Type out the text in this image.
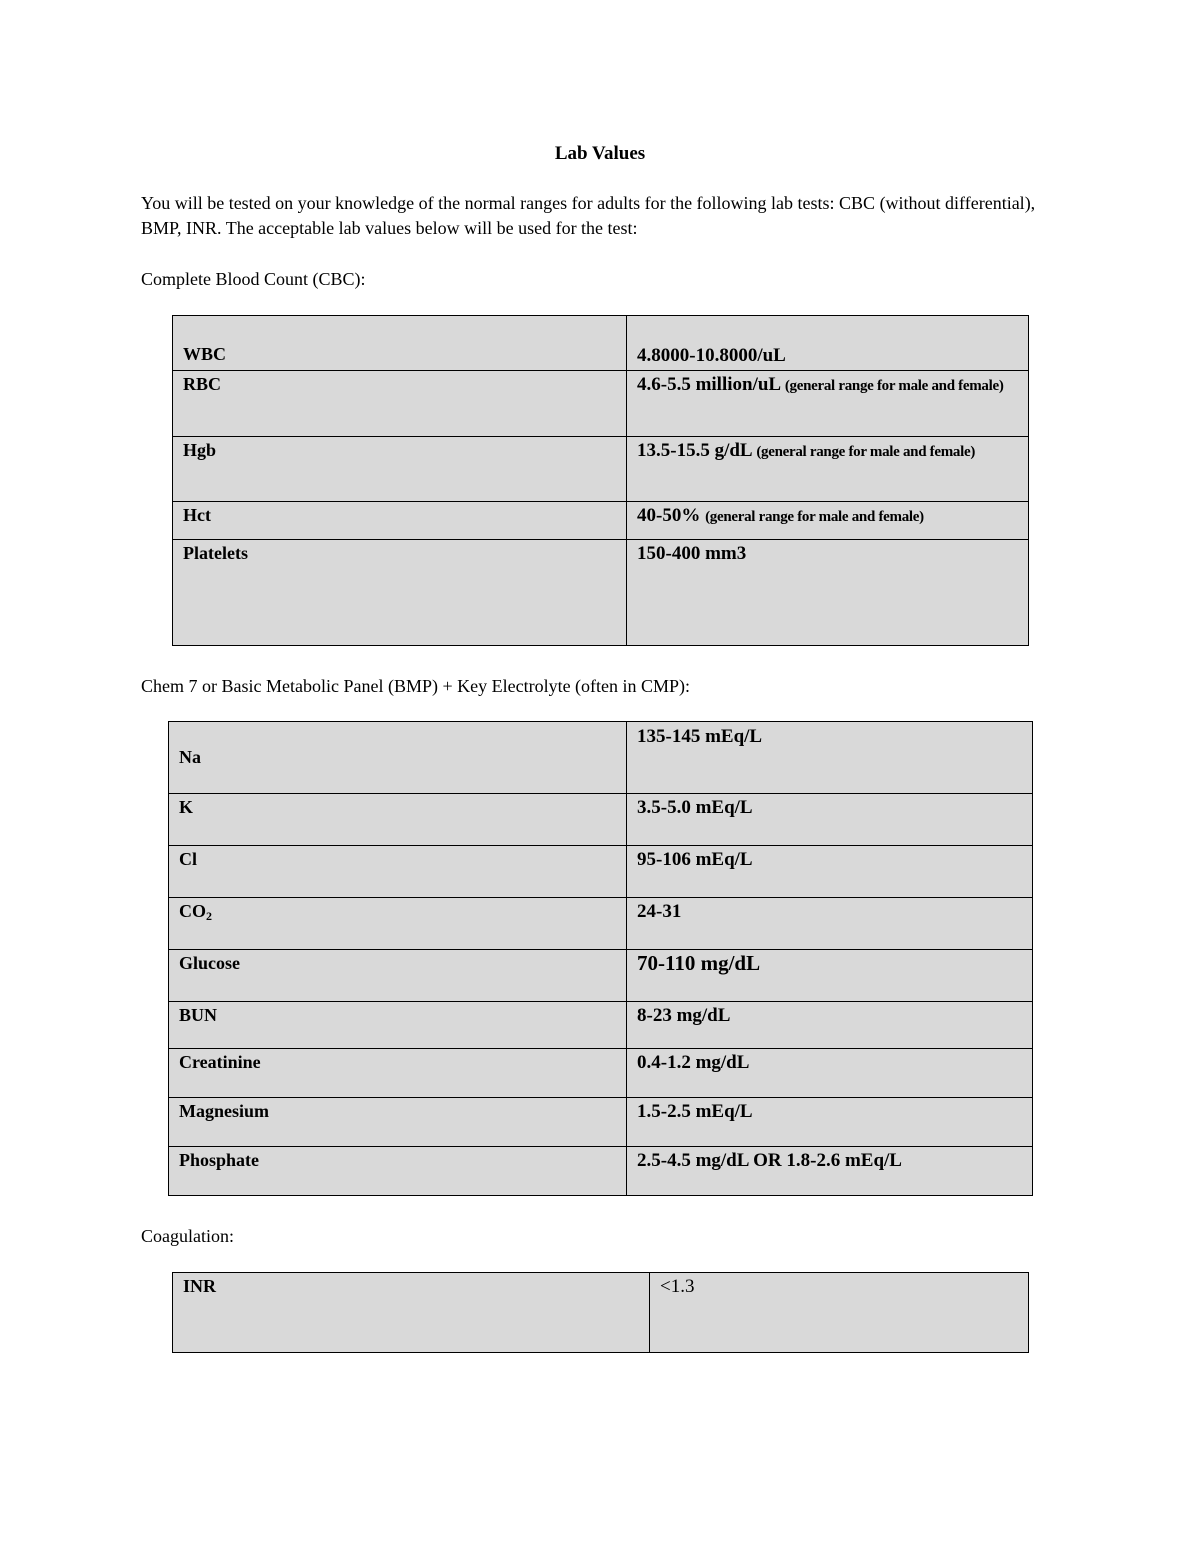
Lab Values
You will be tested on your knowledge of the normal ranges for adults for the following lab tests: CBC (without differential), BMP, INR. The acceptable lab values below will be used for the test:
Complete Blood Count (CBC):
WBC	4.8000-10.8000/uL
RBC	4.6-5.5 million/uL (general range for male and female)
Hgb	13.5-15.5 g/dL (general range for male and female)
Hct	40-50% (general range for male and female)
Platelets	150-400 mm3
Chem 7 or Basic Metabolic Panel (BMP) + Key Electrolyte (often in CMP):
Na	135-145 mEq/L
K	3.5-5.0 mEq/L
Cl	95-106 mEq/L
$CO_2$	24-31
Glucose	70-110 mg/dL
BUN	8-23 mg/dL
Creatinine	0.4-1.2 mg/dL
Magnesium	1.5-2.5 mEq/L
Phosphate	2.5-4.5 mg/dL OR 1.8-2.6 mEq/L
Coagulation:
INR	<1.3
